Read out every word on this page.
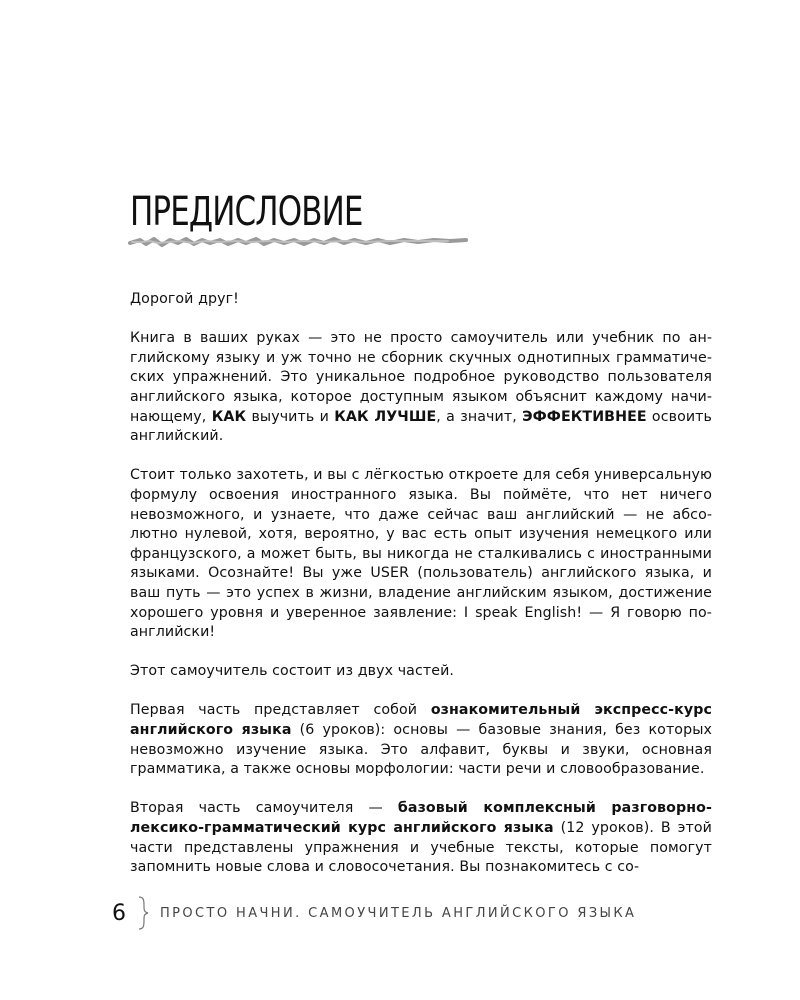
ПРЕДИСЛОВИЕ

Дорогой друг!

Книга в ваших руках — это не просто самоучитель или учебник по английскому языку и уж точно не сборник скучных однотипных грамматических упражнений. Это уникальное подробное руководство пользователя английского языка, которое доступным языком объяснит каждому начинающему, КАК выучить и КАК ЛУЧШЕ, а значит, ЭФФЕКТИВНЕЕ освоить английский.

Стоит только захотеть, и вы с лёгкостью откроете для себя универсальную формулу освоения иностранного языка. Вы поймёте, что нет ничего невозможного, и узнаете, что даже сейчас ваш английский — не абсолютно нулевой, хотя, вероятно, у вас есть опыт изучения немецкого или французского, а может быть, вы никогда не сталкивались с иностранными языками. Осознайте! Вы уже USER (пользователь) английского языка, и ваш путь — это успех в жизни, владение английским языком, достижение хорошего уровня и уверенное заявление: I speak English! — Я говорю по-английски!

Этот самоучитель состоит из двух частей.

Первая часть представляет собой ознакомительный экспресс-курс английского языка (6 уроков): основы — базовые знания, без которых невозможно изучение языка. Это алфавит, буквы и звуки, основная грамматика, а также основы морфологии: части речи и словообразование.

Вторая часть самоучителя — базовый комплексный разговорно-лексико-грамматический курс английского языка (12 уроков). В этой части представлены упражнения и учебные тексты, которые помогут запомнить новые слова и словосочетания. Вы познакомитесь с со-

6	ПРОСТО НАЧНИ. САМОУЧИТЕЛЬ АНГЛИЙСКОГО ЯЗЫКА
